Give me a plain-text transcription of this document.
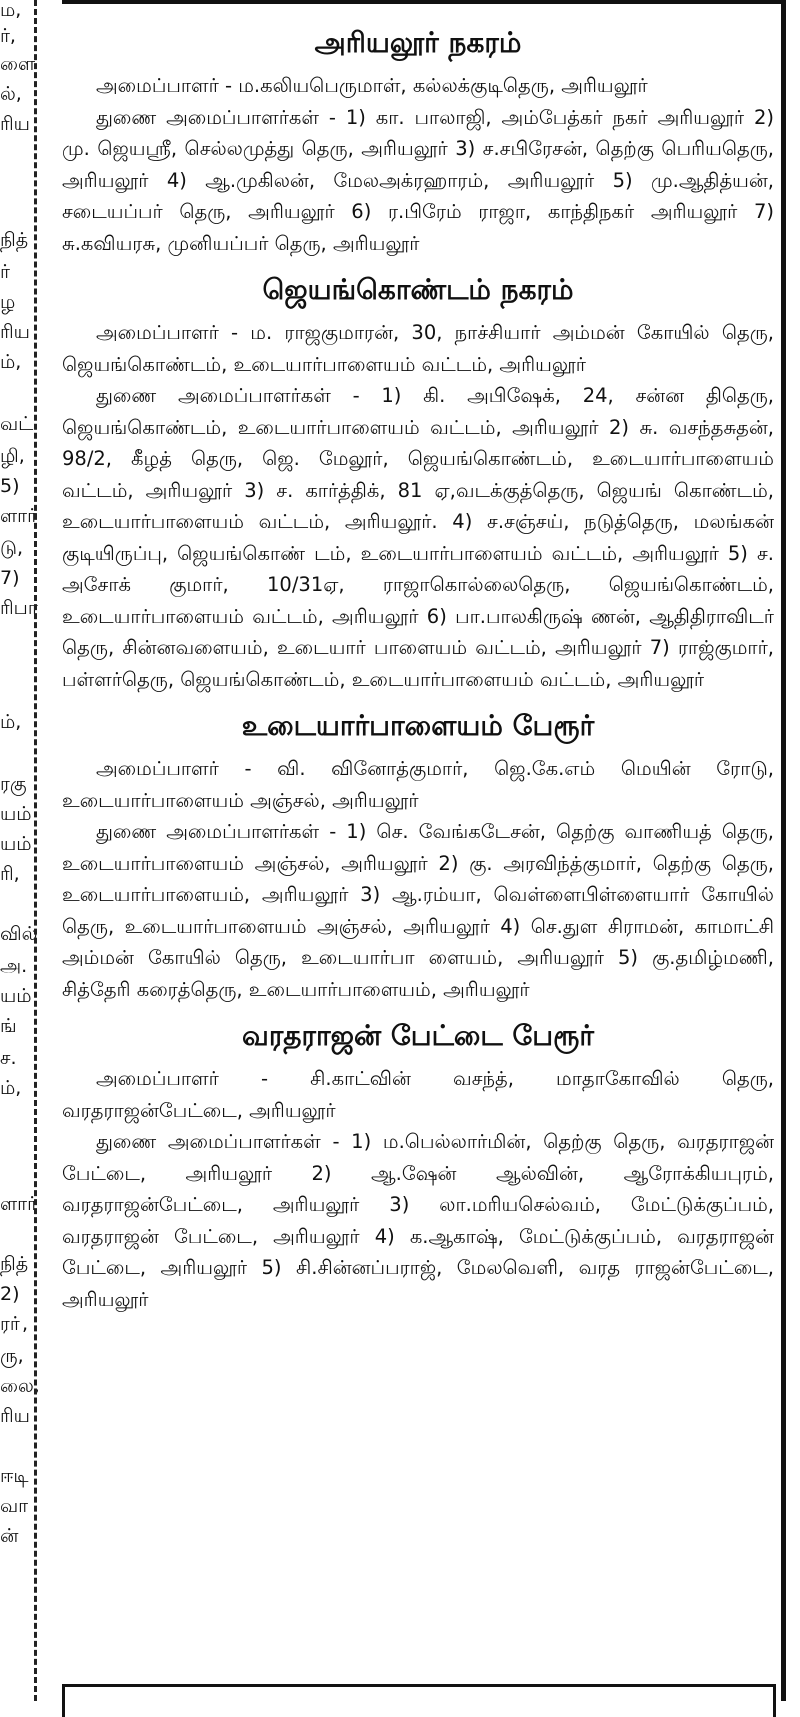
ம,
ர்,
ளை
ல்,
ரிய
நித்
ர்
ழ
ரிய
ம்,
வட்
ழி,
5)
ளார்
டு,
7)
ரிபா
ம்,
ரகு
யம்
யம்
ரி,
வில்
அ.
யம்
ங்
ச.
ம்,
ளார்
நித்
2)
ரா்,
ரு,
லை,
ரிய
ஈடி
வா
ன்
அரியலூர் நகரம்

அமைப்பாளர் - ம.கலியபெருமாள், கல்லக்குடிதெரு, அரியலூர்

துணை அமைப்பாளர்கள் - 1) கா. பாலாஜி, அம்பேத்கர் நகர் அரியலூர் 2) மு. ஜெயஸ்ரீ, செல்லமுத்து தெரு, அரியலூர் 3) ச.சபிரேசன், தெற்கு பெரியதெரு, அரியலூர் 4) ஆ.முகிலன், மேலஅக்ரஹாரம், அரியலூர் 5) மு.ஆதித்யன், சடையப்பர் தெரு, அரியலூர் 6) ர.பிரேம் ராஜா, காந்திநகர் அரியலூர் 7) சு.கவியரசு, முனியப்பர் தெரு, அரியலூர்

ஜெயங்கொண்டம் நகரம்

அமைப்பாளர் - ம. ராஜகுமாரன், 30, நாச்சியார் அம்மன் கோயில் தெரு, ஜெயங்கொண்டம், உடையார்பாளையம் வட்டம், அரியலூர்

துணை அமைப்பாளர்கள் - 1) கி. அபிஷேக், 24, சன்ன திதெரு, ஜெயங்கொண்டம், உடையார்பாளையம் வட்டம், அரியலூர் 2) சு. வசந்தசுதன், 98/2, கீழத் தெரு, ஜெ. மேலூர், ஜெயங்கொண்டம், உடையார்பாளையம் வட்டம், அரியலூர் 3) ச. கார்த்திக், 81 ஏ,வடக்குத்தெரு, ஜெயங் கொண்டம், உடையார்பாளையம் வட்டம், அரியலூர். 4) ச.சஞ்சய், நடுத்தெரு, மலங்கன் குடியிருப்பு, ஜெயங்கொண் டம், உடையார்பாளையம் வட்டம், அரியலூர் 5) ச. அசோக் குமார், 10/31ஏ, ராஜாகொல்லைதெரு, ஜெயங்கொண்டம், உடையார்பாளையம் வட்டம், அரியலூர் 6) பா.பாலகிருஷ் ணன், ஆதிதிராவிடர் தெரு, சின்னவளையம், உடையார் பாளையம் வட்டம், அரியலூர் 7) ராஜ்குமார், பள்ளர்தெரு, ஜெயங்கொண்டம், உடையார்பாளையம் வட்டம், அரியலூர்

உடையார்பாளையம் பேரூர்

அமைப்பாளர் - வி. வினோத்குமார், ஜெ.கே.எம் மெயின் ரோடு, உடையார்பாளையம் அஞ்சல், அரியலூர்

துணை அமைப்பாளர்கள் - 1) செ. வேங்கடேசன், தெற்கு வாணியத் தெரு, உடையார்பாளையம் அஞ்சல், அரியலூர் 2) கு. அரவிந்த்குமார், தெற்கு தெரு, உடையார்பாளையம், அரியலூர் 3) ஆ.ரம்யா, வெள்ளைபிள்ளையார் கோயில் தெரு, உடையார்பாளையம் அஞ்சல், அரியலூர் 4) செ.துள சிராமன், காமாட்சி அம்மன் கோயில் தெரு, உடையார்பா ளையம், அரியலூர் 5) கு.தமிழ்மணி, சித்தேரி கரைத்தெரு, உடையார்பாளையம், அரியலூர்

வரதராஜன் பேட்டை பேரூர்

அமைப்பாளர் - சி.காட்வின் வசந்த், மாதாகோவில் தெரு, வரதராஜன்பேட்டை, அரியலூர்

துணை அமைப்பாளர்கள் - 1) ம.பெல்லார்மின், தெற்கு தெரு, வரதராஜன் பேட்டை, அரியலூர் 2) ஆ.ஷேன் ஆல்வின், ஆரோக்கியபுரம், வரதராஜன்பேட்டை, அரியலூர் 3) லா.மரியசெல்வம், மேட்டுக்குப்பம், வரதராஜன் பேட்டை, அரியலூர் 4) க.ஆகாஷ், மேட்டுக்குப்பம், வரதராஜன் பேட்டை, அரியலூர் 5) சி.சின்னப்பராஜ், மேலவெளி, வரத ராஜன்பேட்டை, அரியலூர்
